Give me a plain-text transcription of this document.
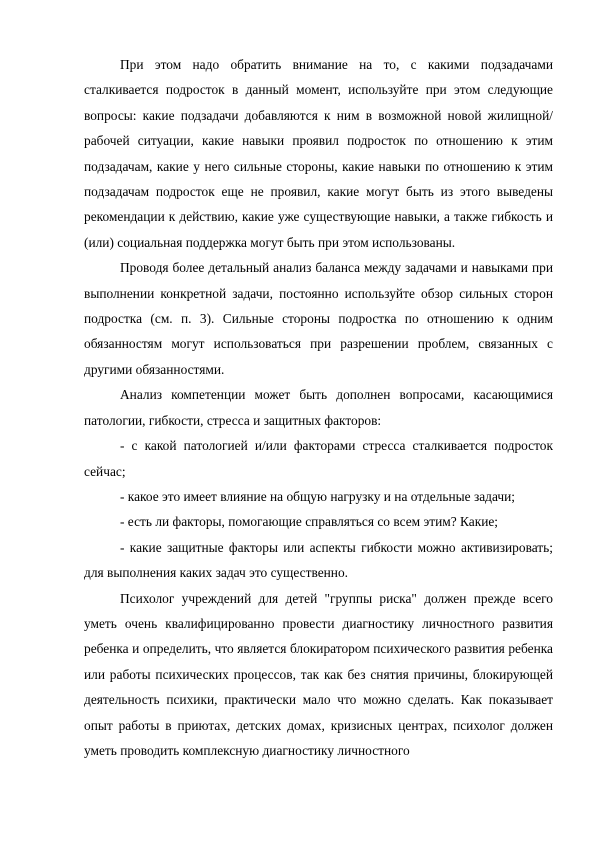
При этом надо обратить внимание на то, с какими подзадачами сталкивается подросток в данный момент, используйте при этом следующие вопросы: какие подзадачи добавляются к ним в возможной новой жилищной/рабочей ситуации, какие навыки проявил подросток по отношению к этим подзадачам, какие у него сильные стороны, какие навыки по отношению к этим подзадачам подросток еще не проявил, какие могут быть из этого выведены рекомендации к действию, какие уже существующие навыки, а также гибкость и (или) социальная поддержка могут быть при этом использованы.

Проводя более детальный анализ баланса между задачами и навыками при выполнении конкретной задачи, постоянно используйте обзор сильных сторон подростка (см. п. 3). Сильные стороны подростка по отношению к одним обязанностям могут использоваться при разрешении проблем, связанных с другими обязанностями.

Анализ компетенции может быть дополнен вопросами, касающимися патологии, гибкости, стресса и защитных факторов:

- с какой патологией и/или факторами стресса сталкивается подросток сейчас;

- какое это имеет влияние на общую нагрузку и на отдельные задачи;

- есть ли факторы, помогающие справляться со всем этим? Какие;

- какие защитные факторы или аспекты гибкости можно активизировать; для выполнения каких задач это существенно.

Психолог учреждений для детей "группы риска" должен прежде всего уметь очень квалифицированно провести диагностику личностного развития ребенка и определить, что является блокиратором психического развития ребенка или работы психических процессов, так как без снятия причины, блокирующей деятельность психики, практически мало что можно сделать. Как показывает опыт работы в приютах, детских домах, кризисных центрах, психолог должен уметь проводить комплексную диагностику личностного
